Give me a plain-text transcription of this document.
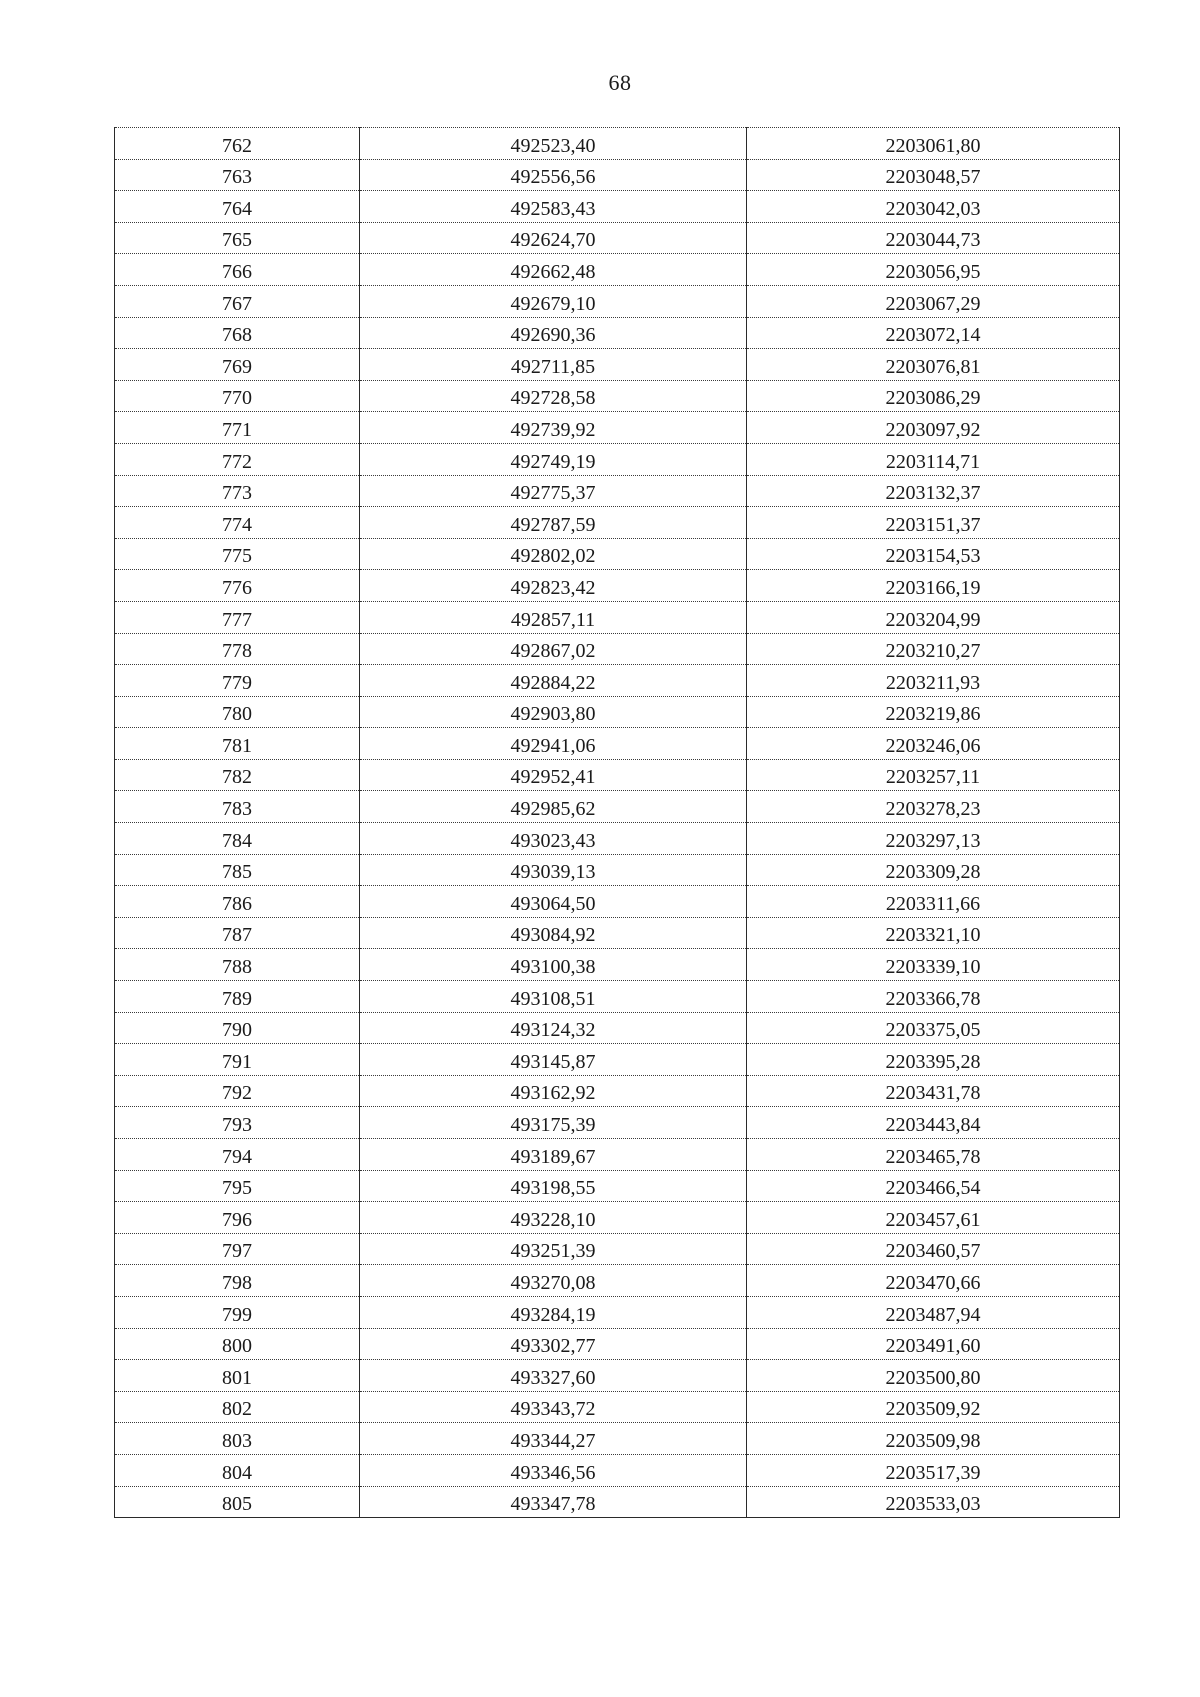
68
762	492523,40	2203061,80
763	492556,56	2203048,57
764	492583,43	2203042,03
765	492624,70	2203044,73
766	492662,48	2203056,95
767	492679,10	2203067,29
768	492690,36	2203072,14
769	492711,85	2203076,81
770	492728,58	2203086,29
771	492739,92	2203097,92
772	492749,19	2203114,71
773	492775,37	2203132,37
774	492787,59	2203151,37
775	492802,02	2203154,53
776	492823,42	2203166,19
777	492857,11	2203204,99
778	492867,02	2203210,27
779	492884,22	2203211,93
780	492903,80	2203219,86
781	492941,06	2203246,06
782	492952,41	2203257,11
783	492985,62	2203278,23
784	493023,43	2203297,13
785	493039,13	2203309,28
786	493064,50	2203311,66
787	493084,92	2203321,10
788	493100,38	2203339,10
789	493108,51	2203366,78
790	493124,32	2203375,05
791	493145,87	2203395,28
792	493162,92	2203431,78
793	493175,39	2203443,84
794	493189,67	2203465,78
795	493198,55	2203466,54
796	493228,10	2203457,61
797	493251,39	2203460,57
798	493270,08	2203470,66
799	493284,19	2203487,94
800	493302,77	2203491,60
801	493327,60	2203500,80
802	493343,72	2203509,92
803	493344,27	2203509,98
804	493346,56	2203517,39
805	493347,78	2203533,03
